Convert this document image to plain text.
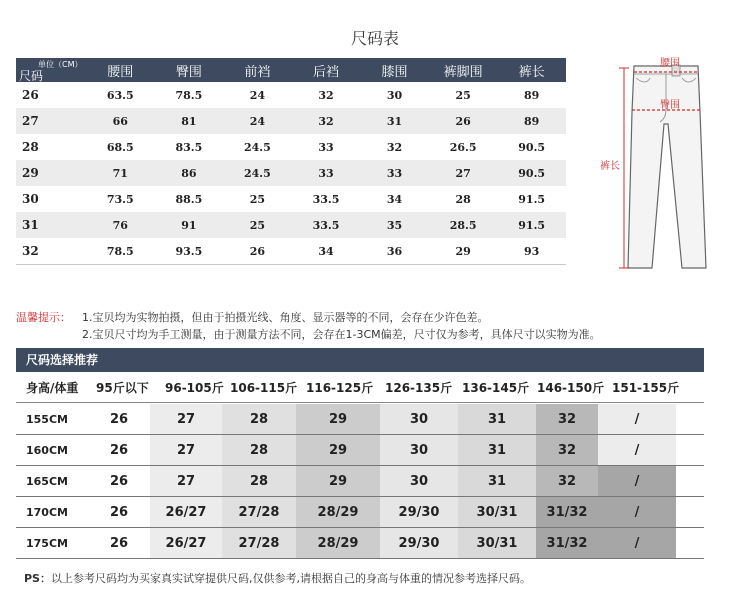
尺码表
单位（CM）
尺码	腰围	臀围	前裆	后裆	膝围	裤脚围	裤长
26	63.5	78.5	24	32	30	25	89
27	66	81	24	32	31	26	89
28	68.5	83.5	24.5	33	32	26.5	90.5
29	71	86	24.5	33	33	27	90.5
30	73.5	88.5	25	33.5	34	28	91.5
31	76	91	25	33.5	35	28.5	91.5
32	78.5	93.5	26	34	36	29	93
腰围
臀围
裤长
温馨提示：	1.宝贝均为实物拍摄，但由于拍摄光线、角度、显示器等的不同，会存在少许色差。
2.宝贝尺寸均为手工测量，由于测量方法不同，会存在1-3CM偏差，尺寸仅为参考，具体尺寸以实物为准。
尺码选择推荐
身高/体重 95斤以下 96-105斤 106-115斤 116-125斤 126-135斤 136-145斤 146-150斤 151-155斤
155CM	26	27	28	29	30	31	32	/	
160CM	26	27	28	29	30	31	32	/	
165CM	26	27	28	29	30	31	32	/	
170CM	26	26/27	27/28	28/29	29/30	30/31	31/32	/	
175CM	26	26/27	27/28	28/29	29/30	30/31	31/32	/	
PS：以上参考尺码均为买家真实试穿提供尺码,仅供参考,请根据自己的身高与体重的情况参考选择尺码。
